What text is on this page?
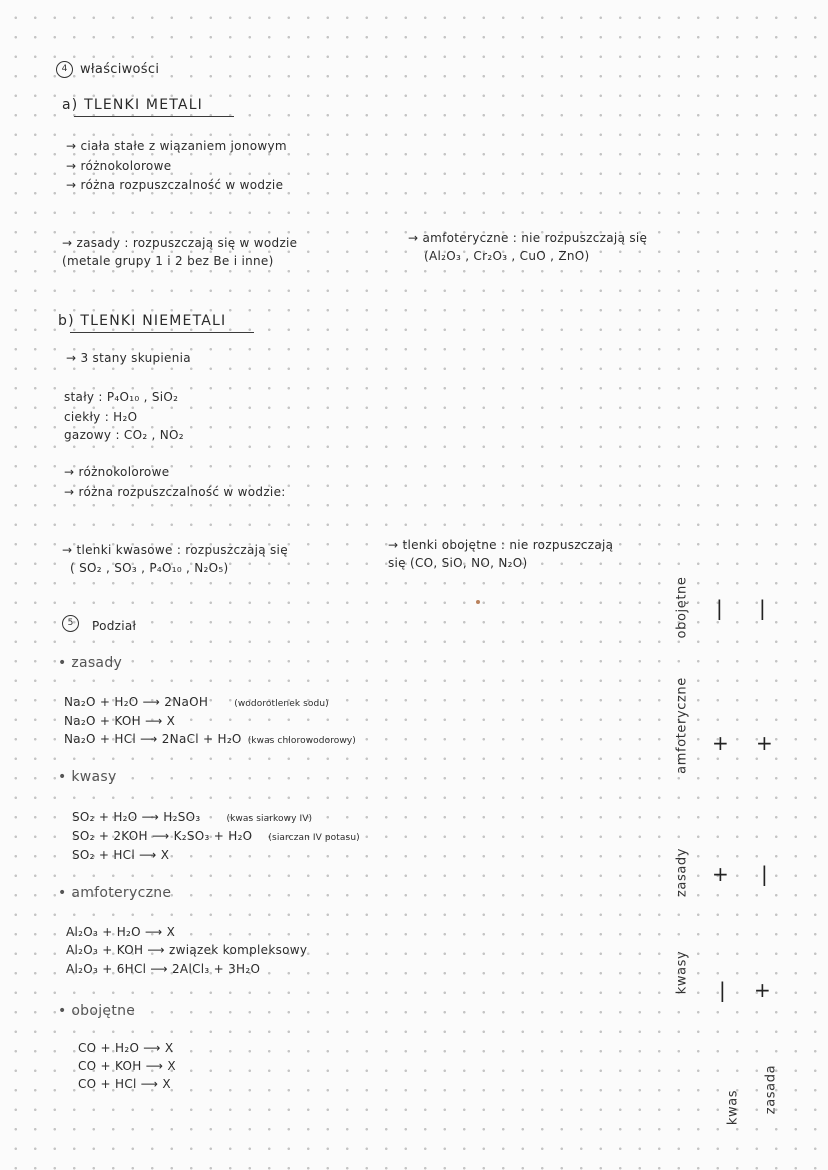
4 właściwości
a) TLENKI METALI
→ ciała stałe z wiązaniem jonowym
→ różnokolorowe
→ różna rozpuszczalność w wodzie
→ zasady : rozpuszczają się w wodzie
(metale grupy 1 i 2 bez Be i inne)
→ amfoteryczne : nie rozpuszczają się
(Al₂O₃ , Cr₂O₃ , CuO , ZnO)
b) TLENKI NIEMETALI
→ 3 stany skupienia
stały : P₄O₁₀ , SiO₂
ciekły : H₂O
gazowy : CO₂ , NO₂
→ różnokolorowe
→ różna rozpuszczalność w wodzie:
→ tlenki kwasowe : rozpuszczają się
( SO₂ , SO₃ , P₄O₁₀ , N₂O₅)
→ tlenki obojętne : nie rozpuszczają
się (CO, SiO, NO, N₂O)
5	Podział
• zasady
Na₂O + H₂O ⟶ 2NaOH	(wodorotlenek sodu)
Na₂O + KOH ⟶ X
Na₂O + HCl ⟶ 2NaCl + H₂O (kwas chlorowodorowy)
• kwasy
SO₂ + H₂O ⟶ H₂SO₃	(kwas siarkowy IV)
SO₂ + 2KOH ⟶ K₂SO₃ + H₂O (siarczan IV potasu)
SO₂ + HCl ⟶ X
• amfoteryczne
Al₂O₃ + H₂O ⟶ X
Al₂O₃ + KOH ⟶ związek kompleksowy
Al₂O₃ + 6HCl ⟶ 2AlCl₃ + 3H₂O
• obojętne
CO + H₂O ⟶ X
CO + KOH ⟶ X
CO + HCl ⟶ X
obojętne | |
amfoteryczne + +
zasady + |
kwasy | +
kwas zasada
